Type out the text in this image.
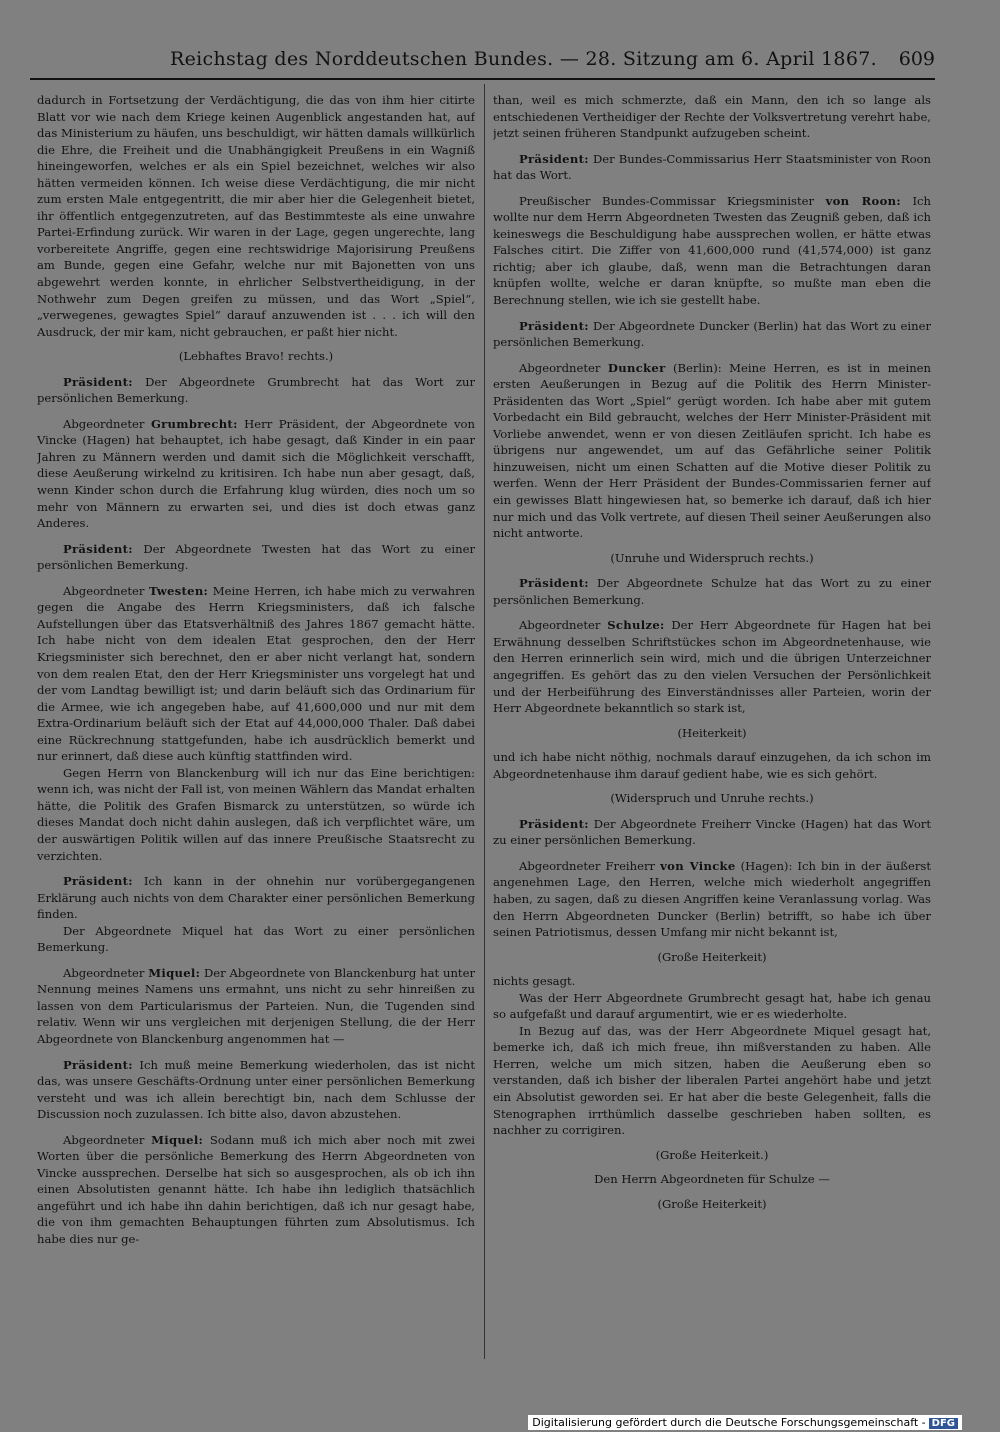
Reichstag des Norddeutschen Bundes. — 28. Sitzung am 6. April 1867. 609

dadurch in Fortsetzung der Verdächtigung, die das von ihm hier citirte Blatt vor wie nach dem Kriege keinen Augenblick angestanden hat, auf das Ministerium zu häufen, uns beschuldigt, wir hätten damals willkürlich die Ehre, die Freiheit und die Unabhängigkeit Preußens in ein Wagniß hineingeworfen, welches er als ein Spiel bezeichnet, welches wir also hätten vermeiden können. Ich weise diese Verdächtigung, die mir nicht zum ersten Male entgegentritt, die mir aber hier die Gelegenheit bietet, ihr öffentlich entgegenzutreten, auf das Bestimmteste als eine unwahre Partei-Erfindung zurück. Wir waren in der Lage, gegen ungerechte, lang vorbereitete Angriffe, gegen eine rechtswidrige Majorisirung Preußens am Bunde, gegen eine Gefahr, welche nur mit Bajonetten von uns abgewehrt werden konnte, in ehrlicher Selbstvertheidigung, in der Nothwehr zum Degen greifen zu müssen, und das Wort „Spiel“, „verwegenes, gewagtes Spiel“ darauf anzuwenden ist . . . ich will den Ausdruck, der mir kam, nicht gebrauchen, er paßt hier nicht.

(Lebhaftes Bravo! rechts.)

Präsident: Der Abgeordnete Grumbrecht hat das Wort zur persönlichen Bemerkung.

Abgeordneter Grumbrecht: Herr Präsident, der Abgeordnete von Vincke (Hagen) hat behauptet, ich habe gesagt, daß Kinder in ein paar Jahren zu Männern werden und damit sich die Möglichkeit verschafft, diese Aeußerung wirkelnd zu kritisiren. Ich habe nun aber gesagt, daß, wenn Kinder schon durch die Erfahrung klug würden, dies noch um so mehr von Männern zu erwarten sei, und dies ist doch etwas ganz Anderes.

Präsident: Der Abgeordnete Twesten hat das Wort zu einer persönlichen Bemerkung.

Abgeordneter Twesten: Meine Herren, ich habe mich zu verwahren gegen die Angabe des Herrn Kriegsministers, daß ich falsche Aufstellungen über das Etatsverhältniß des Jahres 1867 gemacht hätte. Ich habe nicht von dem idealen Etat gesprochen, den der Herr Kriegsminister sich berechnet, den er aber nicht verlangt hat, sondern von dem realen Etat, den der Herr Kriegsminister uns vorgelegt hat und der vom Landtag bewilligt ist; und darin beläuft sich das Ordinarium für die Armee, wie ich angegeben habe, auf 41,600,000 und nur mit dem Extra-Ordinarium beläuft sich der Etat auf 44,000,000 Thaler. Daß dabei eine Rückrechnung stattgefunden, habe ich ausdrücklich bemerkt und nur erinnert, daß diese auch künftig stattfinden wird.

Gegen Herrn von Blanckenburg will ich nur das Eine berichtigen: wenn ich, was nicht der Fall ist, von meinen Wählern das Mandat erhalten hätte, die Politik des Grafen Bismarck zu unterstützen, so würde ich dieses Mandat doch nicht dahin auslegen, daß ich verpflichtet wäre, um der auswärtigen Politik willen auf das innere Preußische Staatsrecht zu verzichten.

Präsident: Ich kann in der ohnehin nur vorübergegangenen Erklärung auch nichts von dem Charakter einer persönlichen Bemerkung finden.

Der Abgeordnete Miquel hat das Wort zu einer persönlichen Bemerkung.

Abgeordneter Miquel: Der Abgeordnete von Blanckenburg hat unter Nennung meines Namens uns ermahnt, uns nicht zu sehr hinreißen zu lassen von dem Particularismus der Parteien. Nun, die Tugenden sind relativ. Wenn wir uns vergleichen mit derjenigen Stellung, die der Herr Abgeordnete von Blanckenburg angenommen hat —

Präsident: Ich muß meine Bemerkung wiederholen, das ist nicht das, was unsere Geschäfts-Ordnung unter einer persönlichen Bemerkung versteht und was ich allein berechtigt bin, nach dem Schlusse der Discussion noch zuzulassen. Ich bitte also, davon abzustehen.

Abgeordneter Miquel: Sodann muß ich mich aber noch mit zwei Worten über die persönliche Bemerkung des Herrn Abgeordneten von Vincke aussprechen. Derselbe hat sich so ausgesprochen, als ob ich ihn einen Absolutisten genannt hätte. Ich habe ihn lediglich thatsächlich angeführt und ich habe ihn dahin berichtigen, daß ich nur gesagt habe, die von ihm gemachten Behauptungen führten zum Absolutismus. Ich habe dies nur ge-

than, weil es mich schmerzte, daß ein Mann, den ich so lange als entschiedenen Vertheidiger der Rechte der Volksvertretung verehrt habe, jetzt seinen früheren Standpunkt aufzugeben scheint.

Präsident: Der Bundes-Commissarius Herr Staatsminister von Roon hat das Wort.

Preußischer Bundes-Commissar Kriegsminister von Roon: Ich wollte nur dem Herrn Abgeordneten Twesten das Zeugniß geben, daß ich keineswegs die Beschuldigung habe aussprechen wollen, er hätte etwas Falsches citirt. Die Ziffer von 41,600,000 rund (41,574,000) ist ganz richtig; aber ich glaube, daß, wenn man die Betrachtungen daran knüpfen wollte, welche er daran knüpfte, so mußte man eben die Berechnung stellen, wie ich sie gestellt habe.

Präsident: Der Abgeordnete Duncker (Berlin) hat das Wort zu einer persönlichen Bemerkung.

Abgeordneter Duncker (Berlin): Meine Herren, es ist in meinen ersten Aeußerungen in Bezug auf die Politik des Herrn Minister-Präsidenten das Wort „Spiel“ gerügt worden. Ich habe aber mit gutem Vorbedacht ein Bild gebraucht, welches der Herr Minister-Präsident mit Vorliebe anwendet, wenn er von diesen Zeitläufen spricht. Ich habe es übrigens nur angewendet, um auf das Gefährliche seiner Politik hinzuweisen, nicht um einen Schatten auf die Motive dieser Politik zu werfen. Wenn der Herr Präsident der Bundes-Commissarien ferner auf ein gewisses Blatt hingewiesen hat, so bemerke ich darauf, daß ich hier nur mich und das Volk vertrete, auf diesen Theil seiner Aeußerungen also nicht antworte.

(Unruhe und Widerspruch rechts.)

Präsident: Der Abgeordnete Schulze hat das Wort zu zu einer persönlichen Bemerkung.

Abgeordneter Schulze: Der Herr Abgeordnete für Hagen hat bei Erwähnung desselben Schriftstückes schon im Abgeordnetenhause, wie den Herren erinnerlich sein wird, mich und die übrigen Unterzeichner angegriffen. Es gehört das zu den vielen Versuchen der Persönlichkeit und der Herbeiführung des Einverständnisses aller Parteien, worin der Herr Abgeordnete bekanntlich so stark ist,

(Heiterkeit)

und ich habe nicht nöthig, nochmals darauf einzugehen, da ich schon im Abgeordnetenhause ihm darauf gedient habe, wie es sich gehört.

(Widerspruch und Unruhe rechts.)

Präsident: Der Abgeordnete Freiherr Vincke (Hagen) hat das Wort zu einer persönlichen Bemerkung.

Abgeordneter Freiherr von Vincke (Hagen): Ich bin in der äußerst angenehmen Lage, den Herren, welche mich wiederholt angegriffen haben, zu sagen, daß zu diesen Angriffen keine Veranlassung vorlag. Was den Herrn Abgeordneten Duncker (Berlin) betrifft, so habe ich über seinen Patriotismus, dessen Umfang mir nicht bekannt ist,

(Große Heiterkeit)

nichts gesagt.

Was der Herr Abgeordnete Grumbrecht gesagt hat, habe ich genau so aufgefaßt und darauf argumentirt, wie er es wiederholte.

In Bezug auf das, was der Herr Abgeordnete Miquel gesagt hat, bemerke ich, daß ich mich freue, ihn mißverstanden zu haben. Alle Herren, welche um mich sitzen, haben die Aeußerung eben so verstanden, daß ich bisher der liberalen Partei angehört habe und jetzt ein Absolutist geworden sei. Er hat aber die beste Gelegenheit, falls die Stenographen irrthümlich dasselbe geschrieben haben sollten, es nachher zu corrigiren.

(Große Heiterkeit.)

Den Herrn Abgeordneten für Schulze —

(Große Heiterkeit)

Digitalisierung gefördert durch die Deutsche Forschungsgemeinschaft - DFG
